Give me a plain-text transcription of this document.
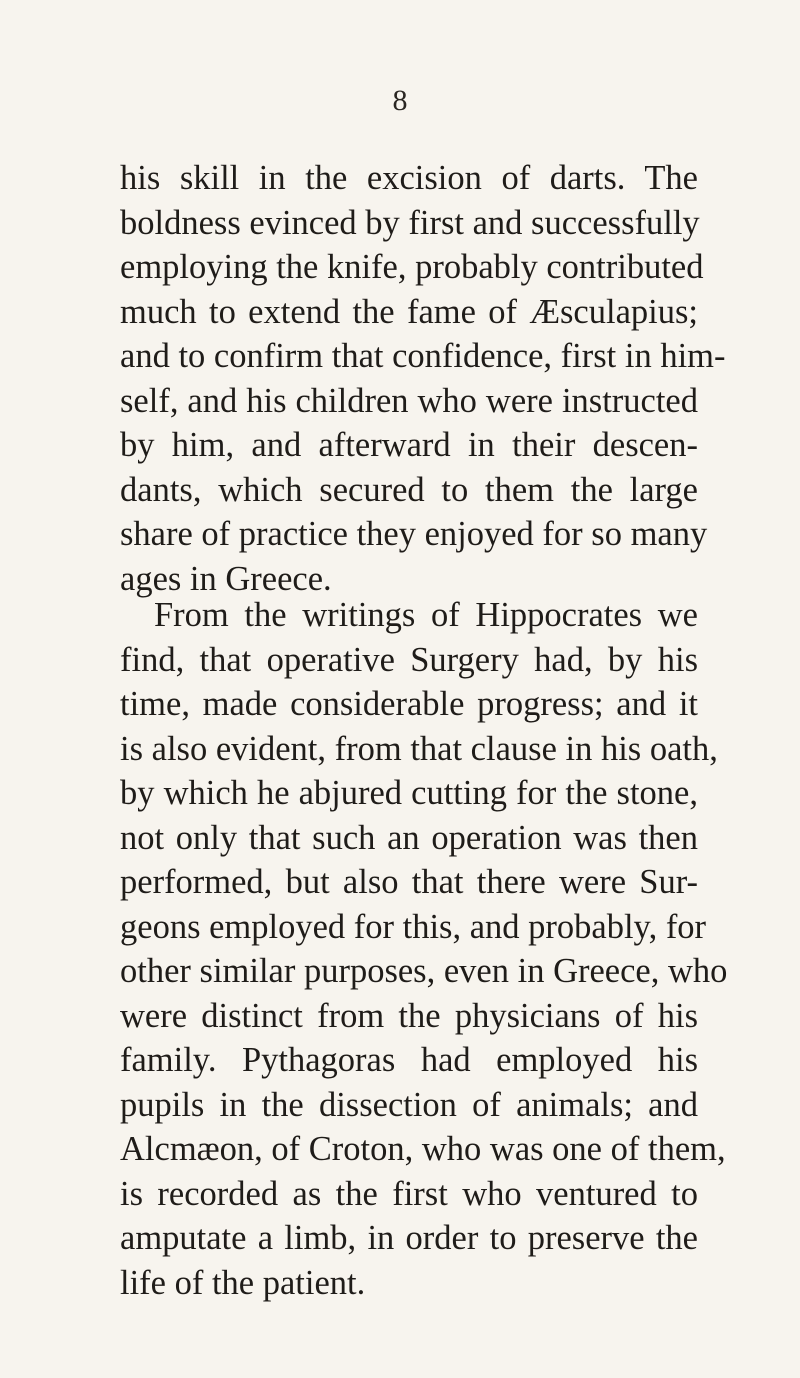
8
his skill in the excision of darts. The
boldness evinced by first and successfully
employing the knife, probably contributed
much to extend the fame of Æsculapius;
and to confirm that confidence, first in him-
self, and his children who were instructed
by him, and afterward in their descen-
dants, which secured to them the large
share of practice they enjoyed for so many
ages in Greece.
From the writings of Hippocrates we
find, that operative Surgery had, by his
time, made considerable progress; and it
is also evident, from that clause in his oath,
by which he abjured cutting for the stone,
not only that such an operation was then
performed, but also that there were Sur-
geons employed for this, and probably, for
other similar purposes, even in Greece, who
were distinct from the physicians of his
family. Pythagoras had employed his
pupils in the dissection of animals; and
Alcmæon, of Croton, who was one of them,
is recorded as the first who ventured to
amputate a limb, in order to preserve the
life of the patient.
